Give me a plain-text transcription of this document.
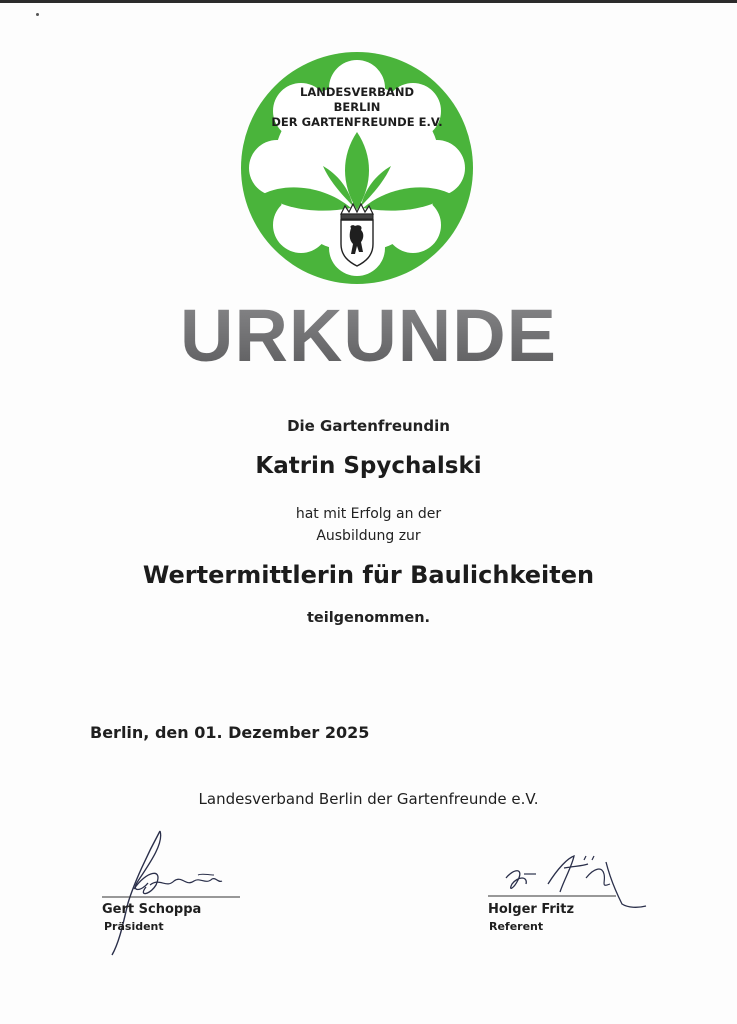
LANDESVERBAND
BERLIN
DER GARTENFREUNDE E.V.
URKUNDE
Die Gartenfreundin
Katrin Spychalski
hat mit Erfolg an der
Ausbildung zur
Wertermittlerin für Baulichkeiten
teilgenommen.
Berlin, den 01. Dezember 2025
Landesverband Berlin der Gartenfreunde e.V.
Gert Schoppa
Präsident
Holger Fritz
Referent
